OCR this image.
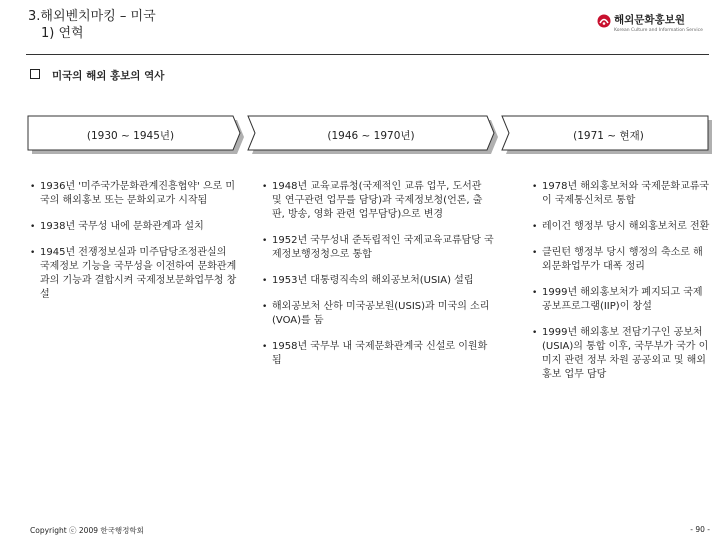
3.해외벤치마킹 – 미국
1) 연혁
해외문화홍보원
Korean Culture and Information Service
미국의 해외 홍보의 역사
(1930 ~ 1945년)	(1946 ~ 1970년)	(1971 ~ 현재)
• 1936년 '미주국가문화관계진흥협약' 으로 미국의 해외홍보 또는 문화외교가 시작됨
• 1938년 국무성 내에 문화관계과 설치
• 1945년 전쟁정보실과 미주담당조정관실의 국제정보 기능을 국무성을 이전하여 문화관계과의 기능과 결합시켜 국제정보문화업무청 창설
• 1948년 교육교류청(국제적인 교류 업무, 도서관 및 연구관련 업무를 담당)과 국제정보청(언론, 출판, 방송, 영화 관련 업무담당)으로 변경
• 1952년 국무성내 준독립적인 국제교육교류담당 국제정보행정청으로 통합
• 1953년 대통령직속의 해외공보처(USIA) 설립
• 해외공보처 산하 미국공보원(USIS)과 미국의 소리(VOA)를 둠
• 1958년 국무부 내 국제문화관계국 신설로 이원화 됨
• 1978년 해외홍보처와 국제문화교류국이 국제통신처로 통합
• 레이건 행정부 당시 해외홍보처로 전환
• 클린턴 행정부 당시 행정의 축소로 해외문화업무가 대폭 정리
• 1999년 해외홍보처가 폐지되고 국제공보프로그램(IIP)이 창설
• 1999년 해외홍보 전담기구인 공보처(USIA)의 통합 이후, 국무부가 국가 이미지 관련 정부 차원 공공외교 및 해외 홍보 업무 담당
Copyright ⓒ 2009 한국행정학회	- 90 -
